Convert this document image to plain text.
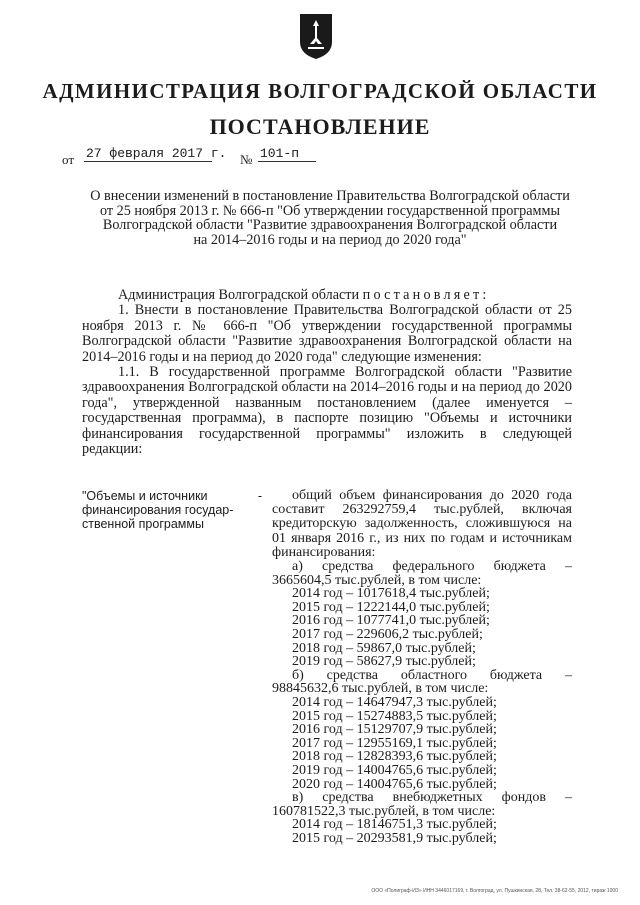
АДМИНИСТРАЦИЯ ВОЛГОГРАДСКОЙ ОБЛАСТИ
ПОСТАНОВЛЕНИЕ
от 27 февраля 2017 г. № 101-п
О внесении изменений в постановление Правительства Волгоградской области
от 25 ноября 2013 г. № 666-п "Об утверждении государственной программы
Волгоградской области "Развитие здравоохранения Волгоградской области
на 2014–2016 годы и на период до 2020 года"

Администрация Волгоградской области постановляет:

1. Внести в постановление Правительства Волгоградской области от 25 ноября 2013 г. № 666-п "Об утверждении государственной программы Волгоградской области "Развитие здравоохранения Волгоградской области на 2014–2016 годы и на период до 2020 года" следующие изменения:

1.1. В государственной программе Волгоградской области "Развитие здравоохранения Волгоградской области на 2014–2016 годы и на период до 2020 года", утвержденной названным постановлением (далее именуется – государственная программа), в паспорте позицию "Объемы и источники финансирования государственной программы" изложить в следующей редакции:

"Объемы и источники	-
финансирования государ-
ственной программы
общий объем финансирования до 2020 года составит 263292759,4 тыс.рублей, включая кредиторскую задолженность, сложившуюся на 01 января 2016 г., из них по годам и источникам финансирования:
а) средства федерального бюджета –
3665604,5 тыс.рублей, в том числе:
2014 год – 1017618,4 тыс.рублей;
2015 год – 1222144,0 тыс.рублей;
2016 год – 1077741,0 тыс.рублей;
2017 год – 229606,2 тыс.рублей;
2018 год – 59867,0 тыс.рублей;
2019 год – 58627,9 тыс.рублей;
б) средства областного бюджета –
98845632,6 тыс.рублей, в том числе:
2014 год – 14647947,3 тыс.рублей;
2015 год – 15274883,5 тыс.рублей;
2016 год – 15129707,9 тыс.рублей;
2017 год – 12955169,1 тыс.рублей;
2018 год – 12828393,6 тыс.рублей;
2019 год – 14004765,6 тыс.рублей;
2020 год – 14004765,6 тыс.рублей;
в) средства внебюджетных фондов –
160781522,3 тыс.рублей, в том числе:
2014 год – 18146751,3 тыс.рублей;
2015 год – 20293581,9 тыс.рублей;
ООО «Полиграф-ИЗ» ИНН 3446017169, г. Волгоград, ул. Пушкинская, 28, Тел. 38-62-55, 2012, тираж 1000
